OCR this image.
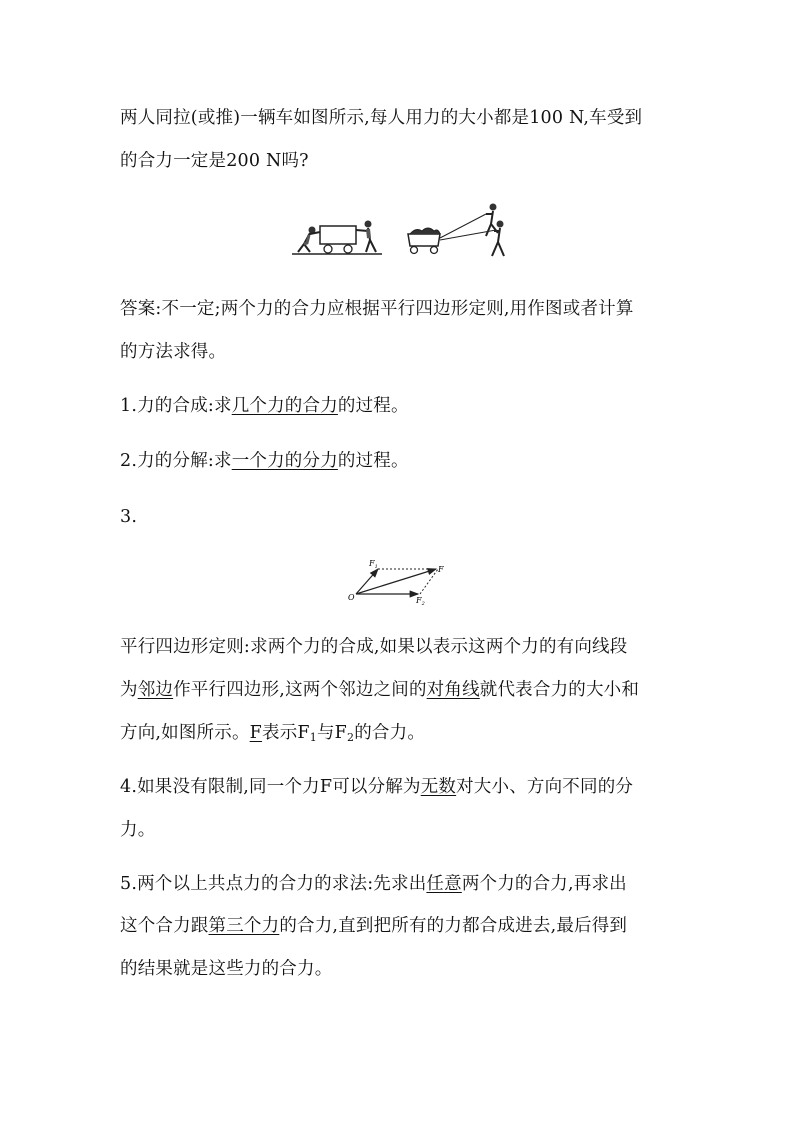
两人同拉(或推)一辆车如图所示,每人用力的大小都是100 N,车受到
的合力一定是200 N吗?
答案:不一定;两个力的合力应根据平行四边形定则,用作图或者计算
的方法求得。
1.力的合成:求几个力的合力的过程。
2.力的分解:求一个力的分力的过程。
3.
$F_1$	F
O	$F_2$
平行四边形定则:求两个力的合成,如果以表示这两个力的有向线段
为邻边作平行四边形,这两个邻边之间的对角线就代表合力的大小和
方向,如图所示。F表示$F_1$与$F_2$的合力。
4.如果没有限制,同一个力F可以分解为无数对大小、方向不同的分
力。
5.两个以上共点力的合力的求法:先求出任意两个力的合力,再求出
这个合力跟第三个力的合力,直到把所有的力都合成进去,最后得到
的结果就是这些力的合力。
